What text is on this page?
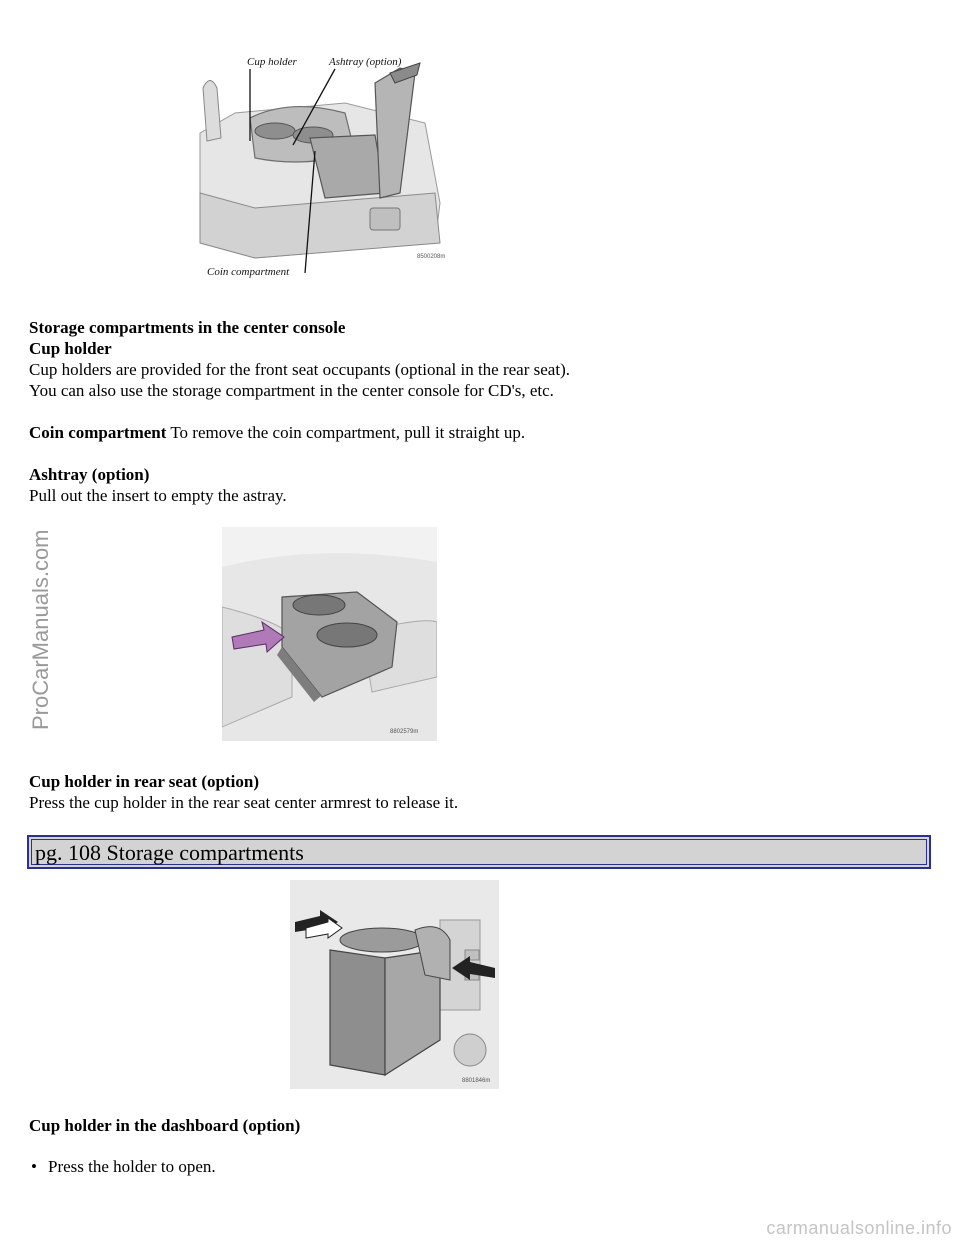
Cup holder	Ashtray (option)
Coin compartment
8500208m
Storage compartments in the center console
Cup holder
Cup holders are provided for the front seat occupants (optional in the rear seat).
You can also use the storage compartment in the center console for CD's, etc.
Coin compartment To remove the coin compartment, pull it straight up.
Ashtray (option)
Pull out the insert to empty the astray.
8802579m
Cup holder in rear seat (option)
Press the cup holder in the rear seat center armrest to release it.
pg. 108 Storage compartments
8801846m
Cup holder in the dashboard (option)
• Press the holder to open.
ProCarManuals.com
carmanualsonline.info
